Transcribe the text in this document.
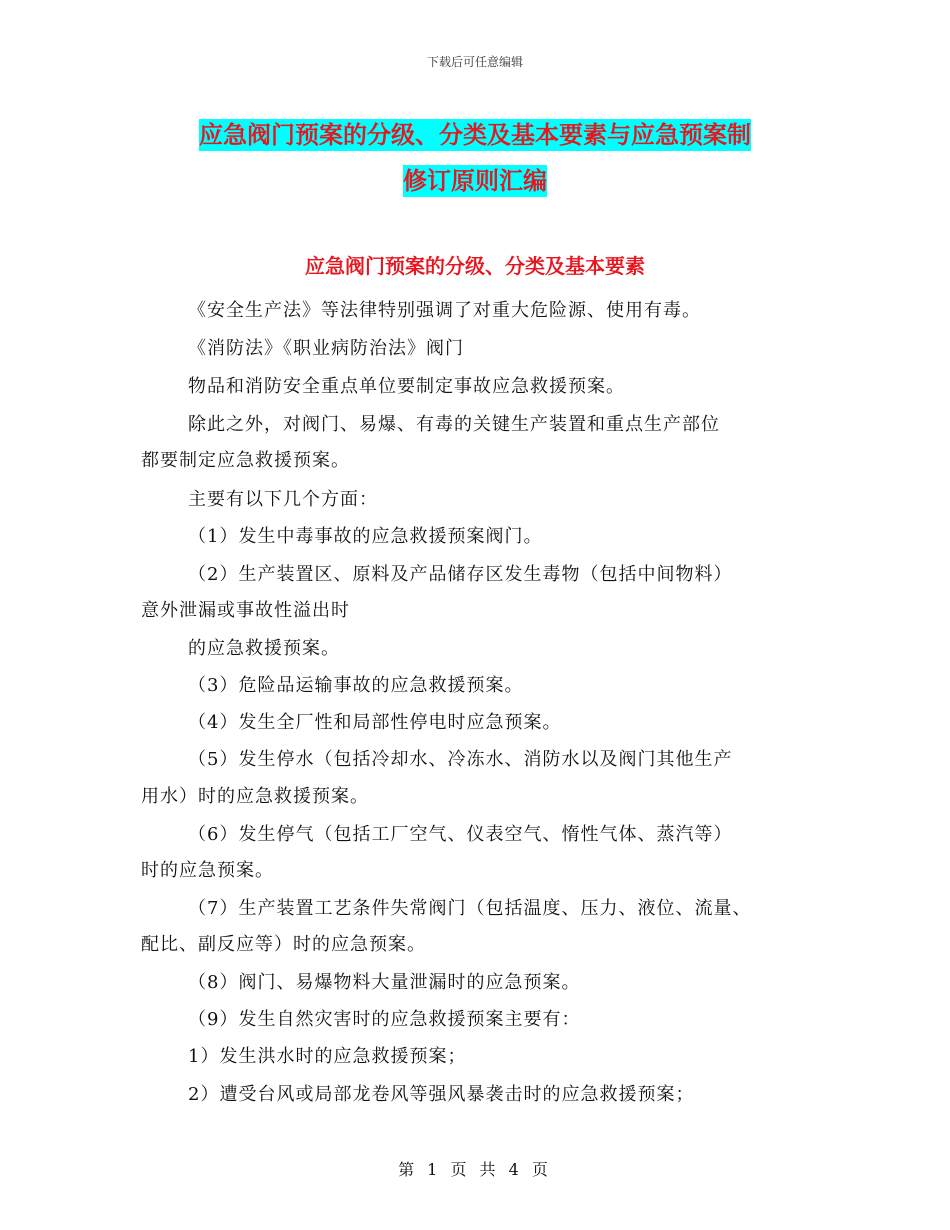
下载后可任意编辑
应急阀门预案的分级、分类及基本要素与应急预案制
修订原则汇编
应急阀门预案的分级、分类及基本要素
《安全生产法》等法律特别强调了对重大危险源、使用有毒。
《消防法》《职业病防治法》阀门
物品和消防安全重点单位要制定事故应急救援预案。
除此之外，对阀门、易爆、有毒的关键生产装置和重点生产部位
都要制定应急救援预案。
主要有以下几个方面：
（1）发生中毒事故的应急救援预案阀门。
（2）生产装置区、原料及产品储存区发生毒物（包括中间物料）
意外泄漏或事故性溢出时
的应急救援预案。
（3）危险品运输事故的应急救援预案。
（4）发生全厂性和局部性停电时应急预案。
（5）发生停水（包括冷却水、冷冻水、消防水以及阀门其他生产
用水）时的应急救援预案。
（6）发生停气（包括工厂空气、仪表空气、惰性气体、蒸汽等）
时的应急预案。
（7）生产装置工艺条件失常阀门（包括温度、压力、液位、流量、
配比、副反应等）时的应急预案。
（8）阀门、易爆物料大量泄漏时的应急预案。
（9）发生自然灾害时的应急救援预案主要有：
1）发生洪水时的应急救援预案；
2）遭受台风或局部龙卷风等强风暴袭击时的应急救援预案；
第 1 页 共 4 页
